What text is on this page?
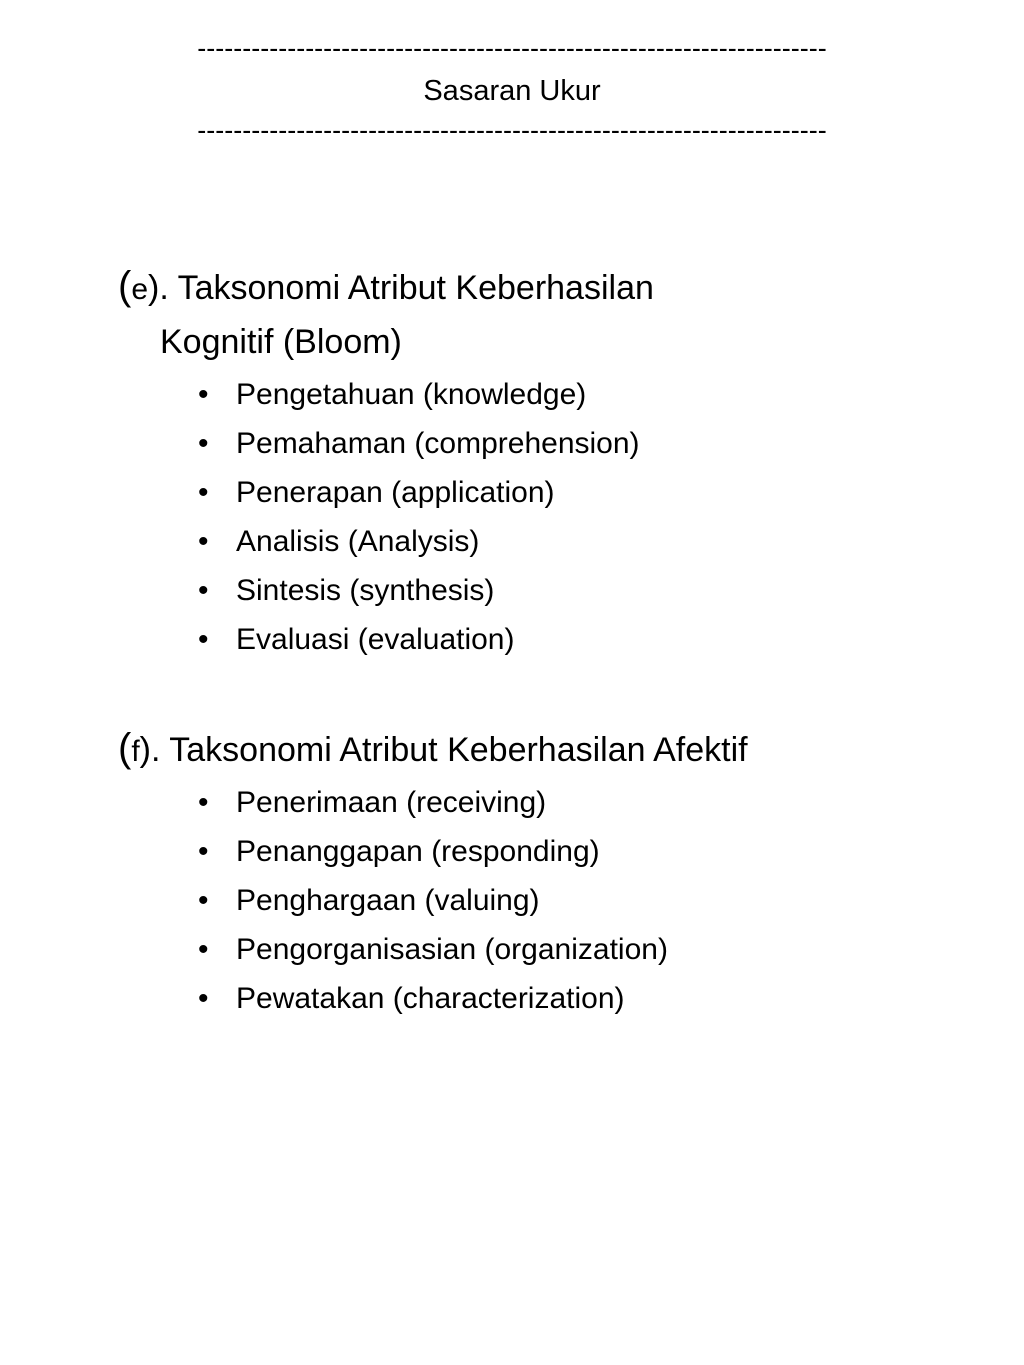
----------------------------------------------------------------------
Sasaran Ukur
----------------------------------------------------------------------
(e). Taksonomi Atribut Keberhasilan
Kognitif (Bloom)
• Pengetahuan (knowledge)
• Pemahaman (comprehension)
• Penerapan (application)
• Analisis (Analysis)
• Sintesis (synthesis)
• Evaluasi (evaluation)
(f). Taksonomi Atribut Keberhasilan Afektif
• Penerimaan (receiving)
• Penanggapan (responding)
• Penghargaan (valuing)
• Pengorganisasian (organization)
• Pewatakan (characterization)
